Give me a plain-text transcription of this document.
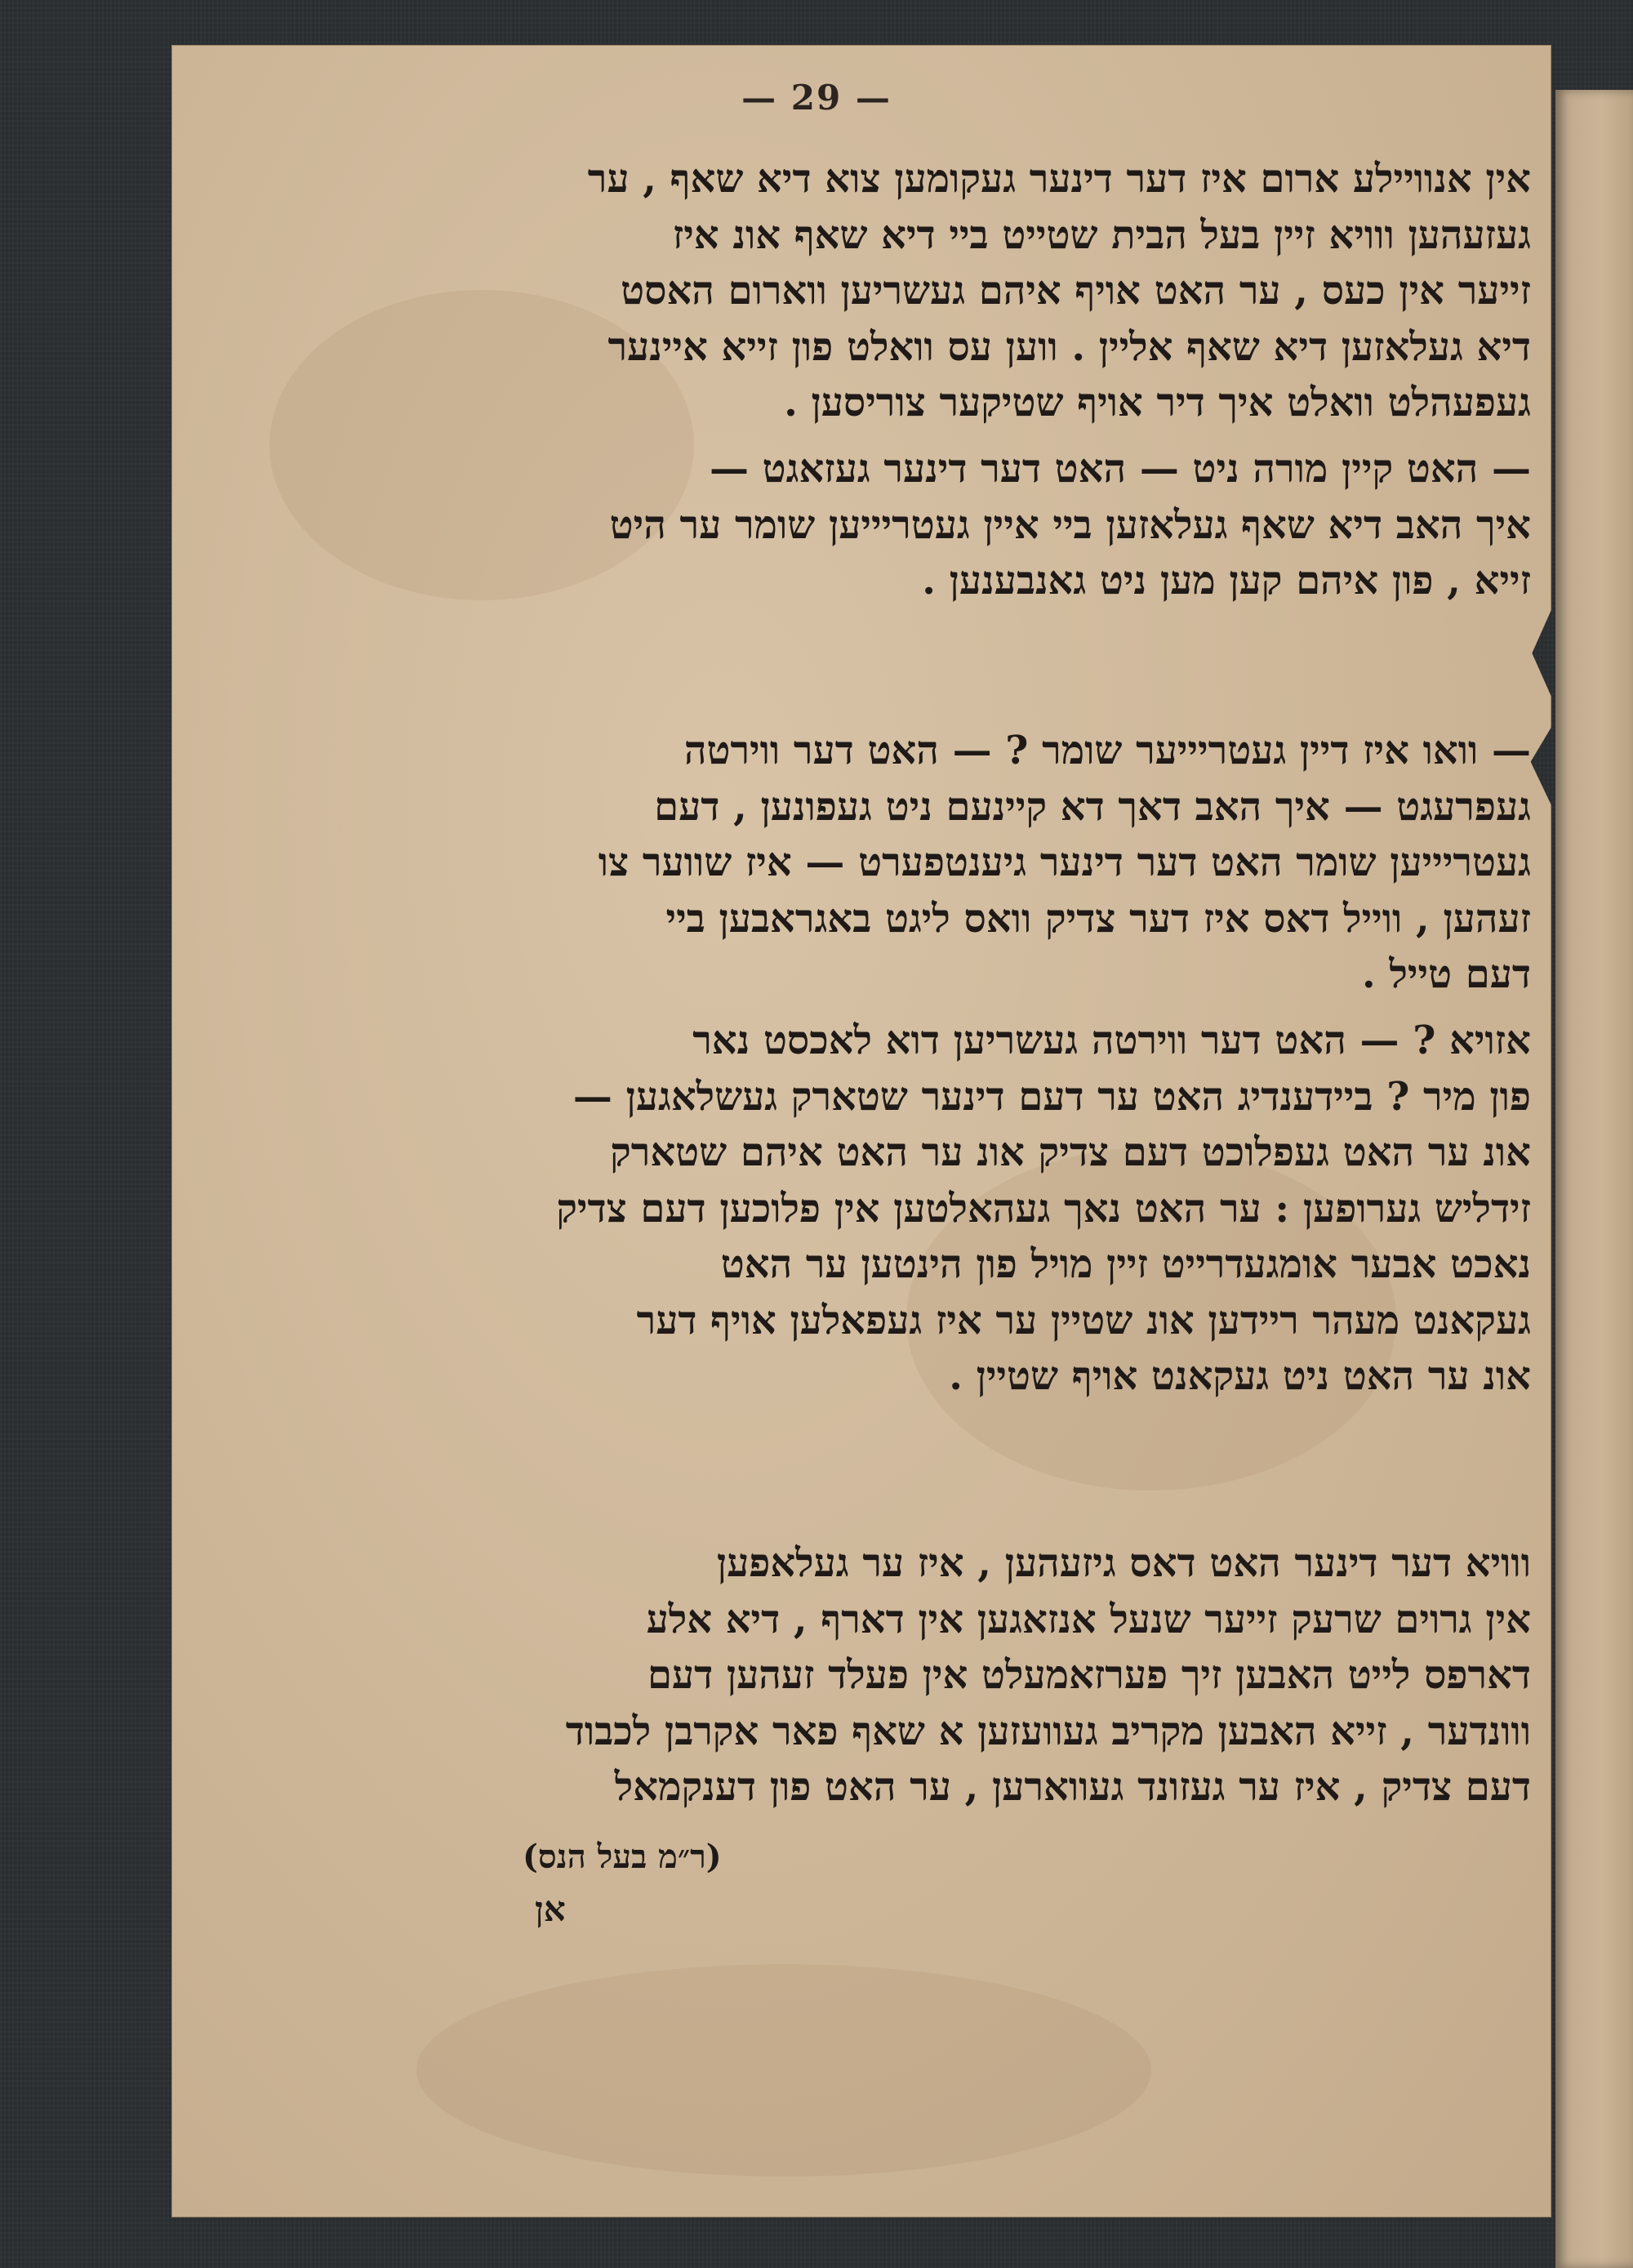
— 29 —
אין אנוויילע ארום איז דער דינער געקומען צוא דיא שאף , ער
געזעהען ווויא זיין בעל הבית שטייט ביי דיא שאף אונ איז
זייער אין כעס , ער האט אויף איהם געשריען ווארום האסט
דיא געלאזען דיא שאף אליין . ווען עס וואלט פון זייא איינער
געפעהלט וואלט איך דיר אויף שטיקער צוריסען .
— האט קיין מורה ניט — האט דער דינער געזאגט —
איך האב דיא שאף געלאזען ביי איין געטריייען שומר ער היט
זייא , פון איהם קען מען ניט גאנבענען .
— וואו איז דיין געטריייער שומר ? — האט דער ווירטה
געפרעגט — איך האב דאך דא קיינעם ניט געפונען , דעם
געטריייען שומר האט דער דינער גיענטפערט — איז שווער צו
זעהען , ווייל דאס איז דער צדיק וואס ליגט באגראבען ביי
דעם טייל .
אזויא ? — האט דער ווירטה געשריען דוא לאכסט נאר
פון מיר ? ביידענדיג האט ער דעם דינער שטארק געשלאגען —
אונ ער האט געפלוכט דעם צדיק אונ ער האט איהם שטארק
זידליש גערופען : ער האט נאך געהאלטען אין פלוכען דעם צדיק
נאכט אבער אומגעדרייט זיין מויל פון הינטען ער האט
געקאנט מעהר ריידען אונ שטיין ער איז געפאלען אויף דער
אונ ער האט ניט געקאנט אויף שטיין .
ווויא דער דינער האט דאס גיזעהען , איז ער געלאפען
אין גרוים שרעק זייער שנעל אנזאגען אין דארף , דיא אלע
דארפס לייט האבען זיך פערזאמעלט אין פעלד זעהען דעם
ווונדער , זייא האבען מקריב געוועזען א שאף פאר אקרבן לכבוד
דעם צדיק , איז ער געזונד געווארען , ער האט פון דענקמאל
(ר״מ בעל הנס)
אן
